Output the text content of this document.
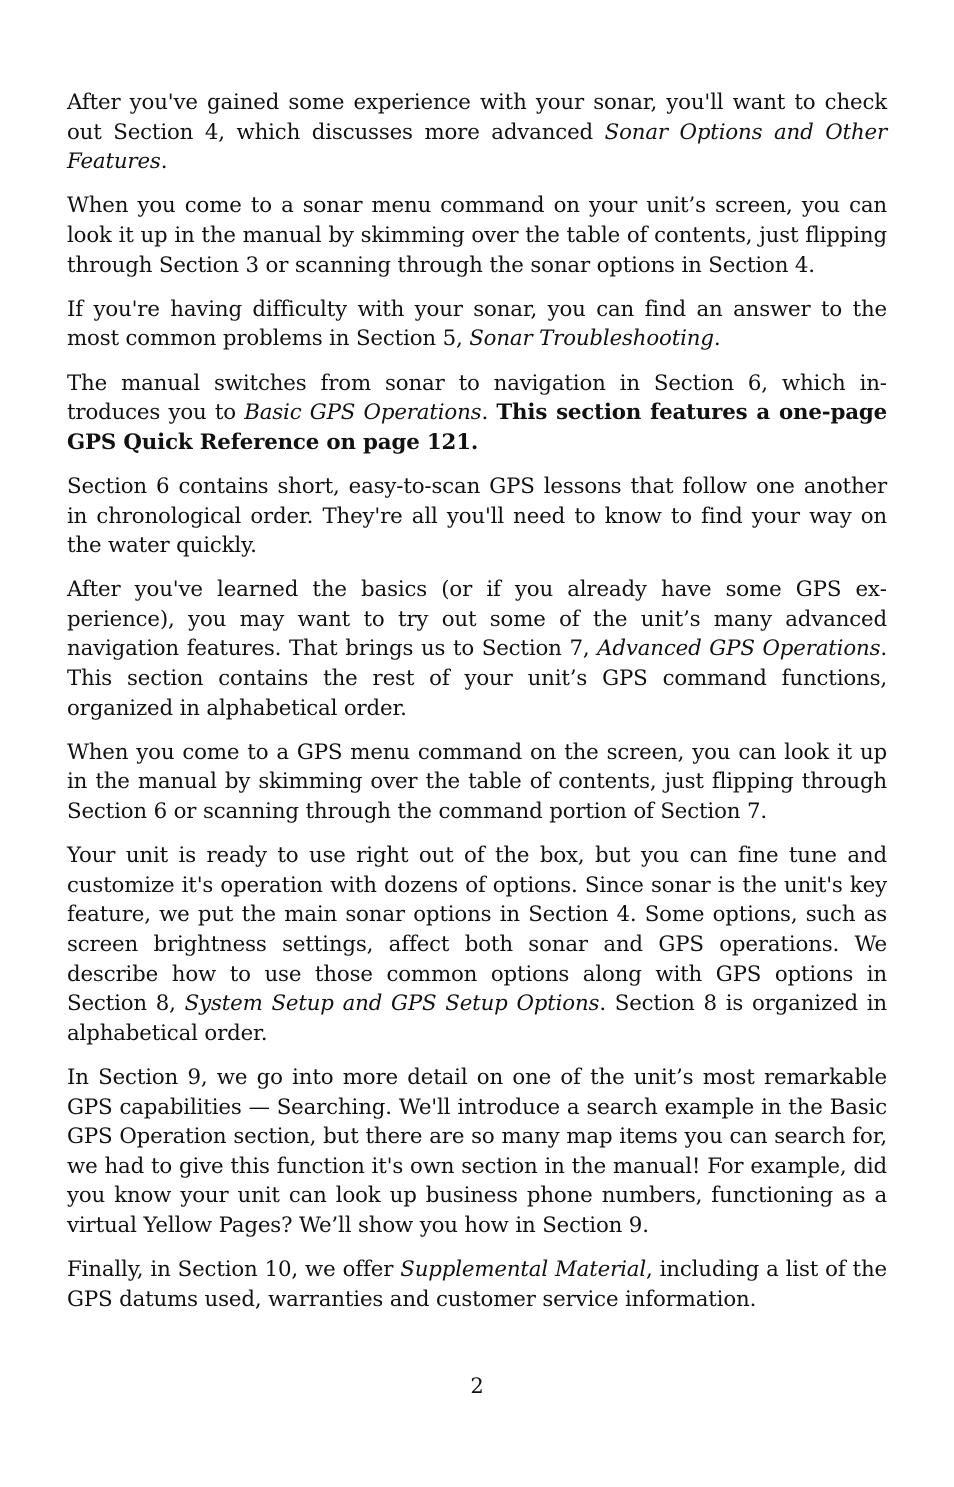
After you've gained some experience with your sonar, you'll want to check out Section 4, which discusses more advanced Sonar Options and Other Features.

When you come to a sonar menu command on your unit’s screen, you can look it up in the manual by skimming over the table of contents, just flipping through Section 3 or scanning through the sonar options in Section 4.

If you're having difficulty with your sonar, you can find an answer to the most common problems in Section 5, Sonar Troubleshooting.

The manual switches from sonar to navigation in Section 6, which introduces you to Basic GPS Operations. This section features a one-page GPS Quick Reference on page 121.

Section 6 contains short, easy-to-scan GPS lessons that follow one another in chronological order. They're all you'll need to know to find your way on the water quickly.

After you've learned the basics (or if you already have some GPS experience), you may want to try out some of the unit’s many advanced navigation features. That brings us to Section 7, Advanced GPS Operations. This section contains the rest of your unit’s GPS command functions, organized in alphabetical order.

When you come to a GPS menu command on the screen, you can look it up in the manual by skimming over the table of contents, just flipping through Section 6 or scanning through the command portion of Section 7.

Your unit is ready to use right out of the box, but you can fine tune and customize it's operation with dozens of options. Since sonar is the unit's key feature, we put the main sonar options in Section 4. Some options, such as screen brightness settings, affect both sonar and GPS operations. We describe how to use those common options along with GPS options in Section 8, System Setup and GPS Setup Options. Section 8 is organized in alphabetical order.

In Section 9, we go into more detail on one of the unit’s most remarkable GPS capabilities — Searching. We'll introduce a search example in the Basic GPS Operation section, but there are so many map items you can search for, we had to give this function it's own section in the manual! For example, did you know your unit can look up business phone numbers, functioning as a virtual Yellow Pages? We’ll show you how in Section 9.

Finally, in Section 10, we offer Supplemental Material, including a list of the GPS datums used, warranties and customer service information.

2
